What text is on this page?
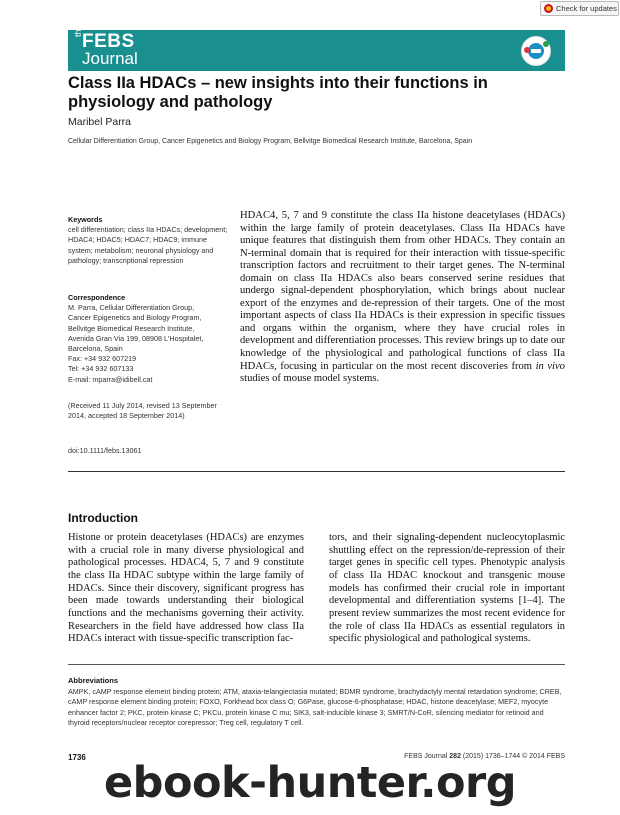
Check for updates
the
FEBS
Journal
Class IIa HDACs – new insights into their functions in physiology and pathology
Maribel Parra
Cellular Differentiation Group, Cancer Epigenetics and Biology Program, Bellvitge Biomedical Research Institute, Barcelona, Spain
Keywords
cell differentiation; class IIa HDACs; development; HDAC4; HDAC5; HDAC7; HDAC9; immune system; metabolism; neuronal physiology and pathology; transcriptional repression
Correspondence
M. Parra, Cellular Differentiation Group,
Cancer Epigenetics and Biology Program,
Bellvitge Biomedical Research Institute,
Avenida Gran Via 199, 08908 L'Hospitalet,
Barcelona, Spain
Fax: +34 932 607219
Tel: +34 932 607133
E-mail: mparra@idibell.cat
(Received 11 July 2014, revised 13 September 2014, accepted 18 September 2014)
doi:10.1111/febs.13061

HDAC4, 5, 7 and 9 constitute the class IIa histone deacetylases (HDACs) within the large family of protein deacetylases. Class IIa HDACs have unique features that distinguish them from other HDACs. They contain an N-terminal domain that is required for their interaction with tissue-specific transcription factors and recruitment to their target genes. The N-terminal domain on class IIa HDACs also bears conserved serine residues that undergo signal-dependent phosphorylation, which brings about nuclear export of the enzymes and de-repression of their targets. One of the most important aspects of class IIa HDACs is their expression in specific tissues and organs within the organism, where they have crucial roles in development and differentiation processes. This review brings up to date our knowledge of the physiological and pathological functions of class IIa HDACs, focusing in particular on the most recent discoveries from in vivo studies of mouse model systems.

Introduction

Histone or protein deacetylases (HDACs) are enzymes with a crucial role in many diverse physiological and pathological processes. HDAC4, 5, 7 and 9 constitute the class IIa HDAC subtype within the large family of HDACs. Since their discovery, significant progress has been made towards understanding their biological functions and the mechanisms governing their activity. Researchers in the field have addressed how class IIa HDACs interact with tissue-specific transcription fac-

tors, and their signaling-dependent nucleocytoplasmic shuttling effect on the repression/de-repression of their target genes in specific cell types. Phenotypic analysis of class IIa HDAC knockout and transgenic mouse models has confirmed their crucial role in important developmental and differentiation systems [1–4]. The present review summarizes the most recent evidence for the role of class IIa HDACs as essential regulators in specific physiological and pathological systems.

Abbreviations

AMPK, cAMP response element binding protein; ATM, ataxia-telangiectasia mutated; BDMR syndrome, brachydactyly mental retardation syndrome; CREB, cAMP response element binding protein; FOXO, Forkhead box class O; G6Pase, glucose-6-phosphatase; HDAC, histone deacetylase; MEF2, myocyte enhancer factor 2; PKC, protein kinase C; PKCu, protein kinase C mu; SIK3, salt-inducible kinase 3; SMRT/N-CoR, silencing mediator for retinoid and thyroid receptors/nuclear receptor corepressor; Treg cell, regulatory T cell.

1736	FEBS Journal 282 (2015) 1736–1744 © 2014 FEBS
ebook-hunter.org
